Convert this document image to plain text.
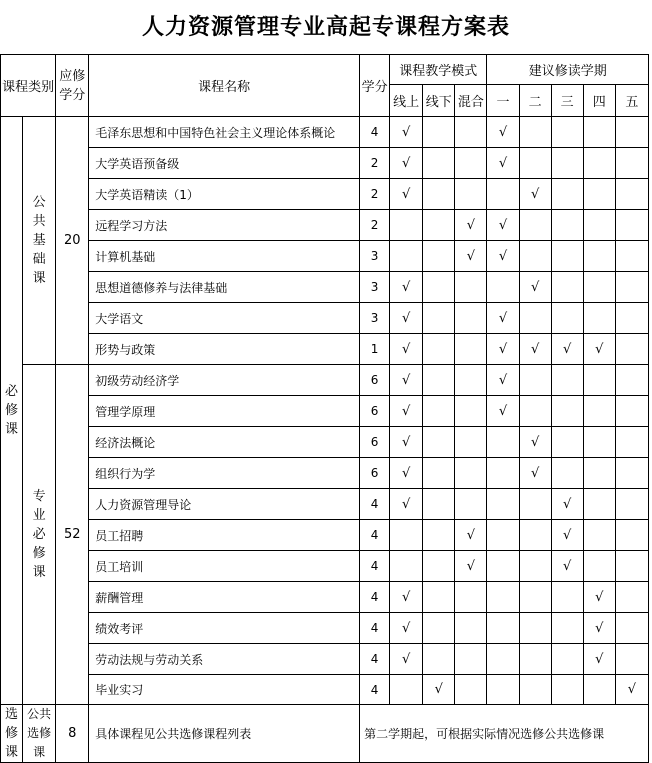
人力资源管理专业高起专课程方案表
课程类别		应修学分	课程名称	学分	课程教学模式			建议修读学期				
					线上	线下	混合	一	二	三	四	五
必修课	公共基础课	20	毛泽东思想和中国特色社会主义理论体系概论	4	√			√				
			大学英语预备级	2	√			√				
			大学英语精读（1）	2	√				√			
			远程学习方法	2			√	√				
			计算机基础	3			√	√				
			思想道德修养与法律基础	3	√				√			
			大学语文	3	√			√				
			形势与政策	1	√			√	√	√	√	
	专业必修课	52	初级劳动经济学	6	√			√				
			管理学原理	6	√			√				
			经济法概论	6	√				√			
			组织行为学	6	√				√			
			人力资源管理导论	4	√					√		
			员工招聘	4			√			√		
			员工培训	4			√			√		
			薪酬管理	4	√						√	
			绩效考评	4	√						√	
			劳动法规与劳动关系	4	√						√	
			毕业实习	4		√						√
选修课	公共选修课	8	具体课程见公共选修课程列表	第二学期起，可根据实际情况选修公共选修课								
